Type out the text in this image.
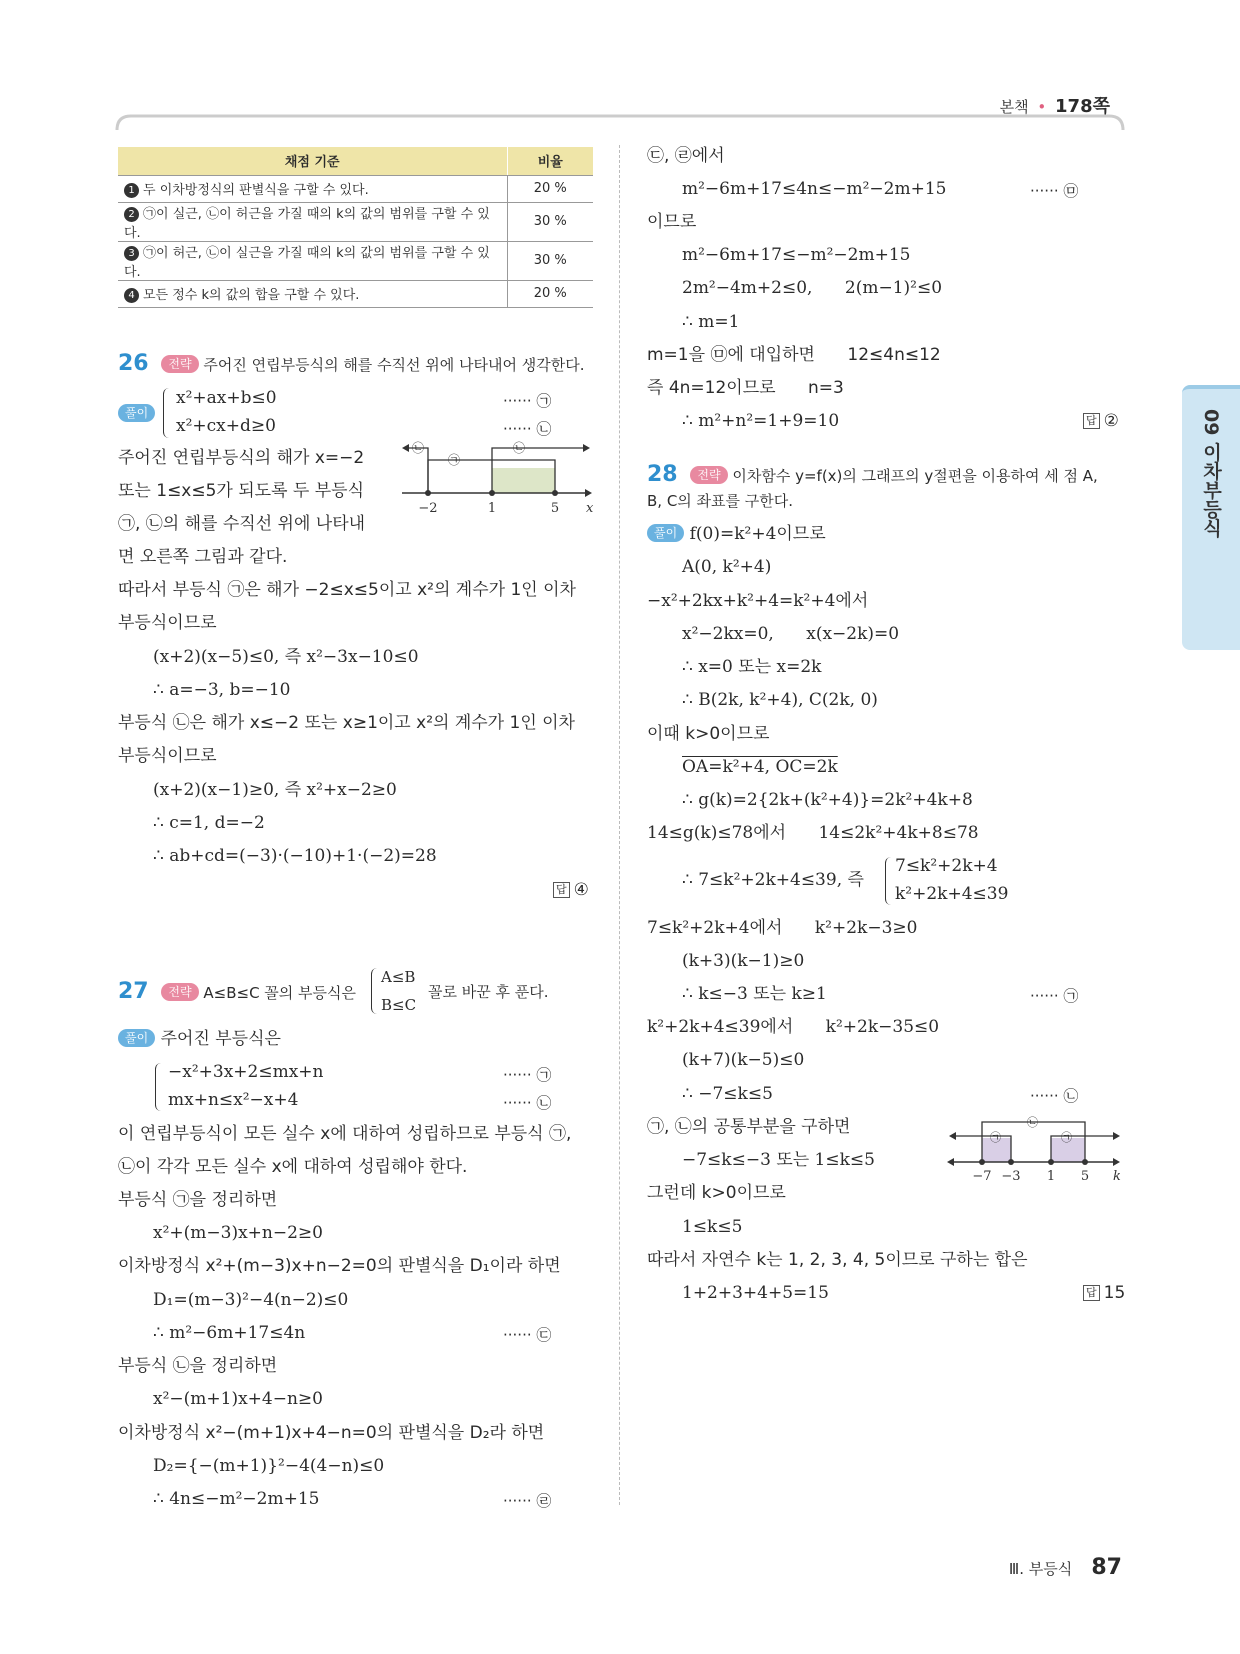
본책 • 178쪽
09 이차부등식
채점 기준	비율
1 두 이차방정식의 판별식을 구할 수 있다.	20 %
2 ㉠이 실근, ㉡이 허근을 가질 때의 k의 값의 범위를 구할 수 있다.	30 %
3 ㉠이 허근, ㉡이 실근을 가질 때의 k의 값의 범위를 구할 수 있다.	30 %
4 모든 정수 k의 값의 합을 구할 수 있다.	20 %
26 전략 주어진 연립부등식의 해를 수직선 위에 나타내어 생각한다.
풀이
x²+ax+b≤0
x²+cx+d≥0
······ ㉠
······ ㉡
주어진 연립부등식의 해가 x=−2
또는 1≤x≤5가 되도록 두 부등식
㉠, ㉡의 해를 수직선 위에 나타내
면 오른쪽 그림과 같다.
㉠
㉡	㉡
−2	1	5 x
따라서 부등식 ㉠은 해가 −2≤x≤5이고 x²의 계수가 1인 이차
부등식이므로
(x+2)(x−5)≤0, 즉 x²−3x−10≤0
∴ a=−3, b=−10
부등식 ㉡은 해가 x≤−2 또는 x≥1이고 x²의 계수가 1인 이차
부등식이므로
(x+2)(x−1)≥0, 즉 x²+x−2≥0
∴ c=1, d=−2
∴ ab+cd=(−3)·(−10)+1·(−2)=28
답 ④
27 전략 A≤B≤C 꼴의 부등식은
A≤B
B≤C
꼴로 바꾼 후 푼다.
풀이 주어진 부등식은
−x²+3x+2≤mx+n
mx+n≤x²−x+4
······ ㉠
······ ㉡
이 연립부등식이 모든 실수 x에 대하여 성립하므로 부등식 ㉠,
㉡이 각각 모든 실수 x에 대하여 성립해야 한다.
부등식 ㉠을 정리하면
x²+(m−3)x+n−2≥0
이차방정식 x²+(m−3)x+n−2=0의 판별식을 D₁이라 하면
D₁=(m−3)²−4(n−2)≤0
∴ m²−6m+17≤4n	······ ㉢
부등식 ㉡을 정리하면
x²−(m+1)x+4−n≥0
이차방정식 x²−(m+1)x+4−n=0의 판별식을 D₂라 하면
D₂={−(m+1)}²−4(4−n)≤0
∴ 4n≤−m²−2m+15	······ ㉣
㉢, ㉣에서
m²−6m+17≤4n≤−m²−2m+15	······ ㉤
이므로
m²−6m+17≤−m²−2m+15
2m²−4m+2≤0,      2(m−1)²≤0
∴ m=1
m=1을 ㉤에 대입하면      12≤4n≤12
즉 4n=12이므로      n=3
∴ m²+n²=1+9=10	답 ②
28 전략 이차함수 y=f(x)의 그래프의 y절편을 이용하여 세 점 A,
B, C의 좌표를 구한다.
풀이 f(0)=k²+4이므로
A(0, k²+4)
−x²+2kx+k²+4=k²+4에서
x²−2kx=0,      x(x−2k)=0
∴ x=0 또는 x=2k
∴ B(2k, k²+4), C(2k, 0)
이때 k>0이므로
OA=k²+4, OC=2k
∴ g(k)=2{2k+(k²+4)}=2k²+4k+8
14≤g(k)≤78에서      14≤2k²+4k+8≤78
∴ 7≤k²+2k+4≤39, 즉
7≤k²+2k+4
k²+2k+4≤39
7≤k²+2k+4에서      k²+2k−3≥0
(k+3)(k−1)≥0
∴ k≤−3 또는 k≥1	······ ㉠
k²+2k+4≤39에서      k²+2k−35≤0
(k+7)(k−5)≤0
∴ −7≤k≤5	······ ㉡
㉠, ㉡의 공통부분을 구하면
−7≤k≤−3 또는 1≤k≤5
그런데 k>0이므로
1≤k≤5
따라서 자연수 k는 1, 2, 3, 4, 5이므로 구하는 합은
1+2+3+4+5=15	답 15
㉡
㉠	㉠
−7 −3 1 5 k
Ⅲ. 부등식 87
